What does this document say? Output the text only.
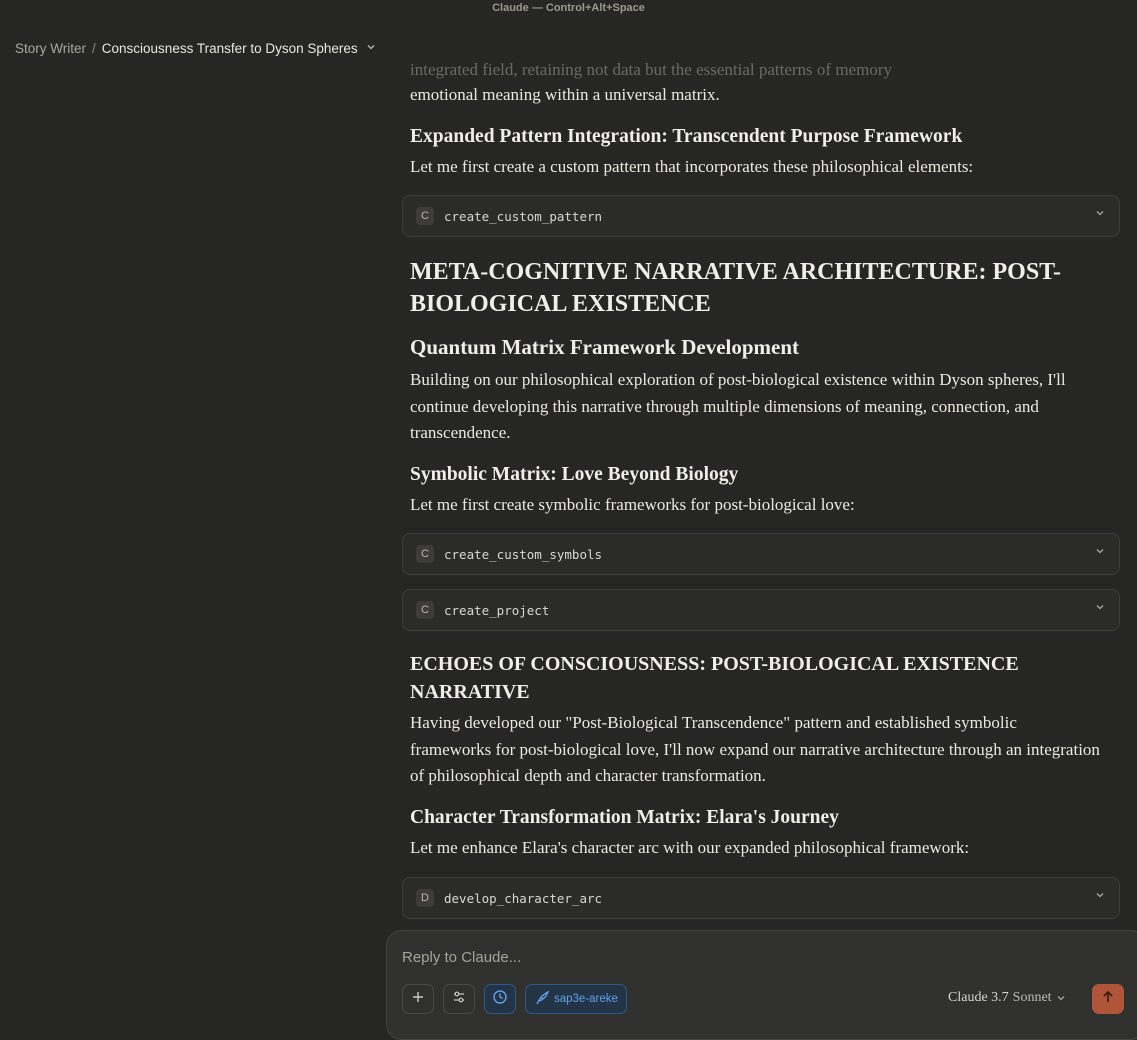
Claude — Control+Alt+Space
Story Writer / Consciousness Transfer to Dyson Spheres

integrated field, retaining not data but the essential patterns of memory

emotional meaning within a universal matrix.

Expanded Pattern Integration: Transcendent Purpose Framework

Let me first create a custom pattern that incorporates these philosophical elements:

C	create_custom_pattern
META-COGNITIVE NARRATIVE ARCHITECTURE: POST-BIOLOGICAL EXISTENCE
Quantum Matrix Framework Development

Building on our philosophical exploration of post-biological existence within Dyson spheres, I'll continue developing this narrative through multiple dimensions of meaning, connection, and transcendence.

Symbolic Matrix: Love Beyond Biology

Let me first create symbolic frameworks for post-biological love:

C	create_custom_symbols
C	create_project
ECHOES OF CONSCIOUSNESS: POST-BIOLOGICAL EXISTENCE NARRATIVE

Having developed our "Post-Biological Transcendence" pattern and established symbolic frameworks for post-biological love, I'll now expand our narrative architecture through an integration of philosophical depth and character transformation.

Character Transformation Matrix: Elara's Journey

Let me enhance Elara's character arc with our expanded philosophical framework:

D	develop_character_arc
Reply to Claude...
sap3e-areke	Claude 3.7 Sonnet
